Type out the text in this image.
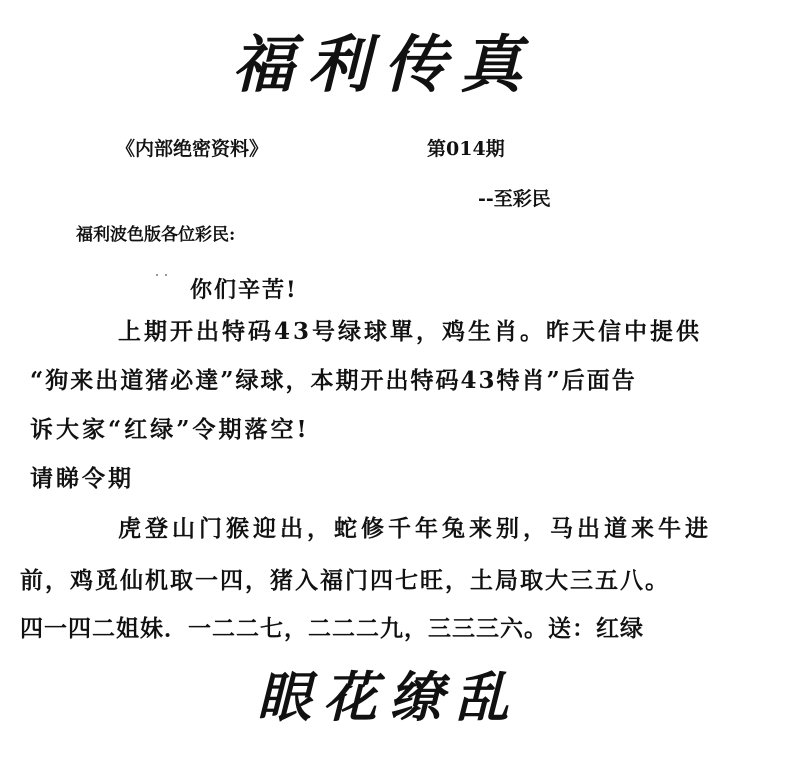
福利传真
《内部绝密资料》	第014期
--至彩民
福利波色版各位彩民:
你们辛苦!
上期开出特码43号绿球單，鸡生肖。昨天信中提供
“狗来出道猪必達”绿球，本期开出特码43特肖”后面告
诉大家“红绿”令期落空!
请睇令期
虎登山门猴迎出，蛇修千年兔来别，马出道来牛进
前，鸡觅仙机取一四，猪入福门四七旺，土局取大三五八。
四一四二姐妹．一二二七，二二二九，三三三六。送：红绿
眼花缭乱
